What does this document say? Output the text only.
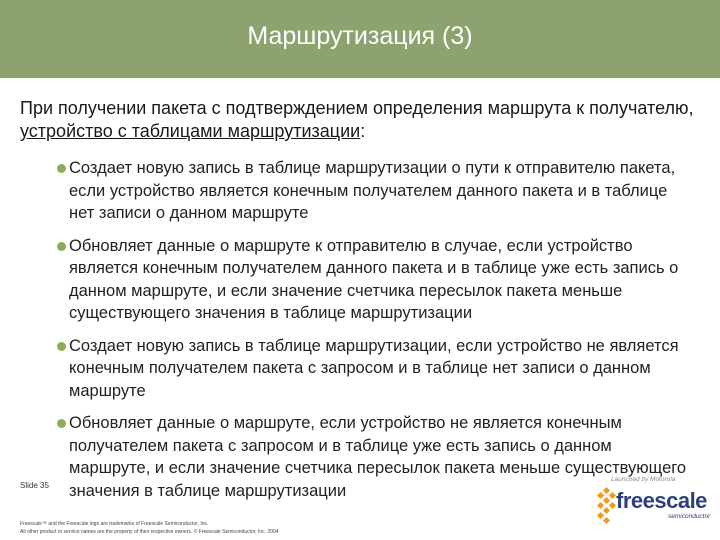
Маршрутизация (3)
При получении пакета с подтверждением определения маршрута к получателю, устройство с таблицами маршрутизации:
Создает новую запись в таблице маршрутизации о пути к отправителю пакета, если устройство является конечным получателем данного пакета и в таблице нет записи о данном маршруте
Обновляет данные о маршруте к отправителю в случае, если устройство является конечным получателем данного пакета и в таблице уже есть запись о данном маршруте, и если значение счетчика пересылок пакета меньше существующего значения в таблице маршрутизации
Создает новую запись в таблице маршрутизации, если устройство не является конечным получателем пакета с запросом и в таблице нет записи о данном маршруте
Обновляет данные о маршруте, если устройство не является конечным получателем пакета с запросом и в таблице уже есть запись о данном маршруте, и если значение счетчика пересылок пакета меньше существующего значения в таблице маршрутизации
Slide 35
Freescale™ and the Freescale logo are trademarks of Freescale Semiconductor, Inc.
All other product or service names are the property of their respective owners. © Freescale Semiconductor, Inc. 2004
Launched by Motorola
freescale
semiconductor
